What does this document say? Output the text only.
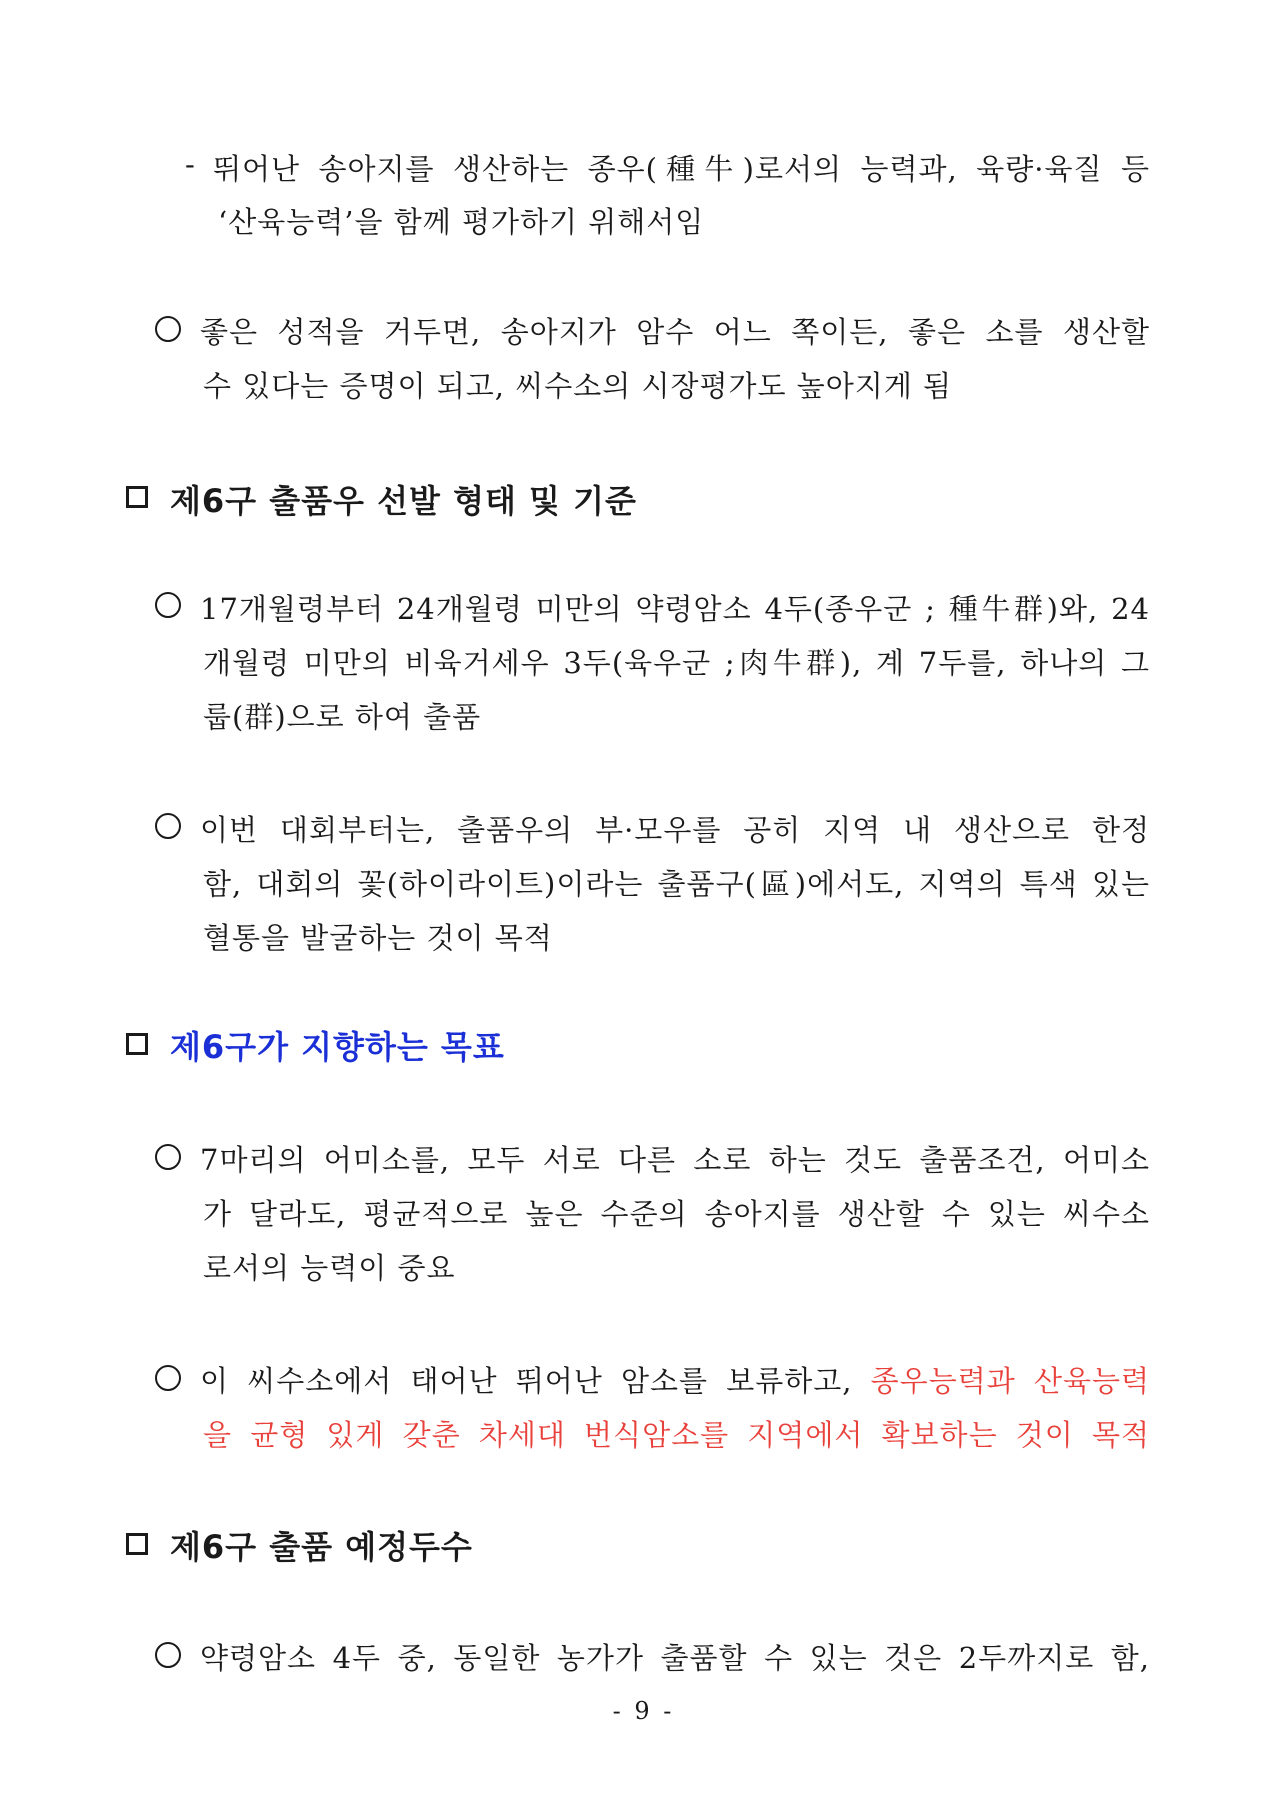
- 뛰어난 송아지를 생산하는 종우(種牛)로서의 능력과, 육량·육질 등
‘산육능력’을 함께 평가하기 위해서임
좋은 성적을 거두면, 송아지가 암수 어느 쪽이든, 좋은 소를 생산할
수 있다는 증명이 되고, 씨수소의 시장평가도 높아지게 됨
제6구 출품우 선발 형태 및 기준
17개월령부터 24개월령 미만의 약령암소 4두(종우군 ; 種牛群)와, 24
개월령 미만의 비육거세우 3두(육우군 ;肉牛群), 계 7두를, 하나의 그
룹(群)으로 하여 출품
이번 대회부터는, 출품우의 부·모우를 공히 지역 내 생산으로 한정
함, 대회의 꽃(하이라이트)이라는 출품구(區)에서도, 지역의 특색 있는
혈통을 발굴하는 것이 목적
제6구가 지향하는 목표
7마리의 어미소를, 모두 서로 다른 소로 하는 것도 출품조건, 어미소
가 달라도, 평균적으로 높은 수준의 송아지를 생산할 수 있는 씨수소
로서의 능력이 중요
이 씨수소에서 태어난 뛰어난 암소를 보류하고, 종우능력과 산육능력
을 균형 있게 갖춘 차세대 번식암소를 지역에서 확보하는 것이 목적
제6구 출품 예정두수
약령암소 4두 중, 동일한 농가가 출품할 수 있는 것은 2두까지로 함,
- 9 -
